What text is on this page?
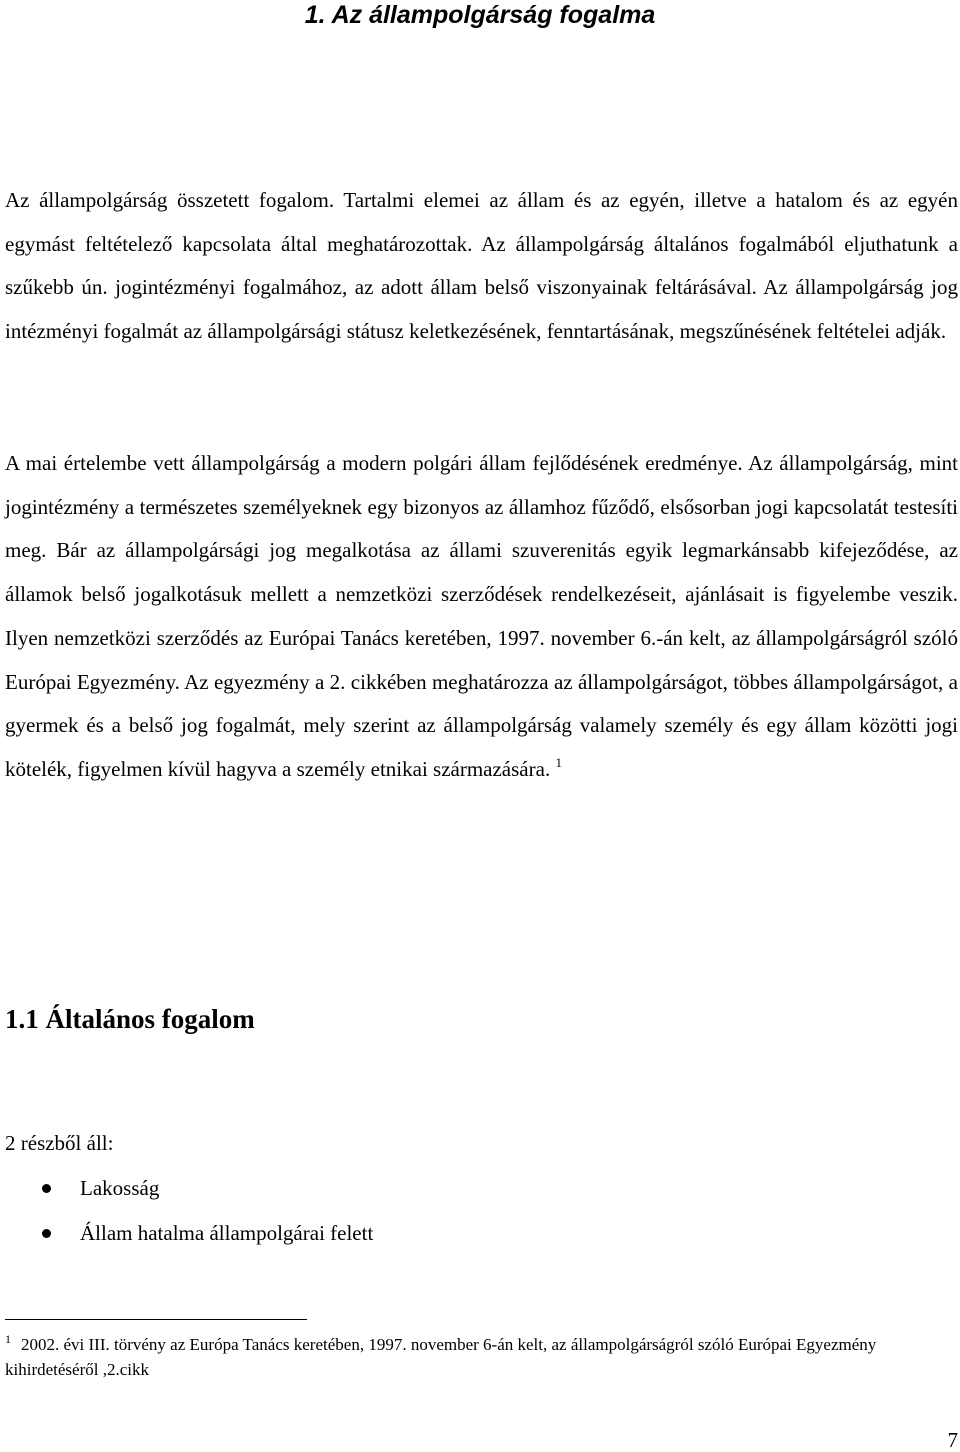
1. Az állampolgárság fogalma
Az állampolgárság összetett fogalom. Tartalmi elemei az állam és az egyén, illetve a hatalom és az egyén egymást feltételező kapcsolata által meghatározottak. Az állampolgárság általános fogalmából eljuthatunk a szűkebb ún. jogintézményi fogalmához, az adott állam belső viszonyainak feltárásával. Az állampolgárság jog intézményi fogalmát az állampolgársági státusz keletkezésének, fenntartásának, megszűnésének feltételei adják.
A mai értelembe vett állampolgárság a modern polgári állam fejlődésének eredménye. Az állampolgárság, mint jogintézmény a természetes személyeknek egy bizonyos az államhoz fűződő, elsősorban jogi kapcsolatát testesíti meg. Bár az állampolgársági jog megalkotása az állami szuverenitás egyik legmarkánsabb kifejeződése, az államok belső jogalkotásuk mellett a nemzetközi szerződések rendelkezéseit, ajánlásait is figyelembe veszik. Ilyen nemzetközi szerződés az Európai Tanács keretében, 1997. november 6.-án kelt, az állampolgárságról szóló Európai Egyezmény. Az egyezmény a 2. cikkében meghatározza az állampolgárságot, többes állampolgárságot, a gyermek és a belső jog fogalmát, mely szerint az állampolgárság valamely személy és egy állam közötti jogi kötelék, figyelmen kívül hagyva a személy etnikai származására. $^1$
1.1 Általános fogalom
2 részből áll:
Lakosság
Állam hatalma állampolgárai felett
$^1$ 2002. évi III. törvény az Európa Tanács keretében, 1997. november 6-án kelt, az állampolgárságról szóló Európai Egyezmény kihirdetéséről ,2.cikk
7
